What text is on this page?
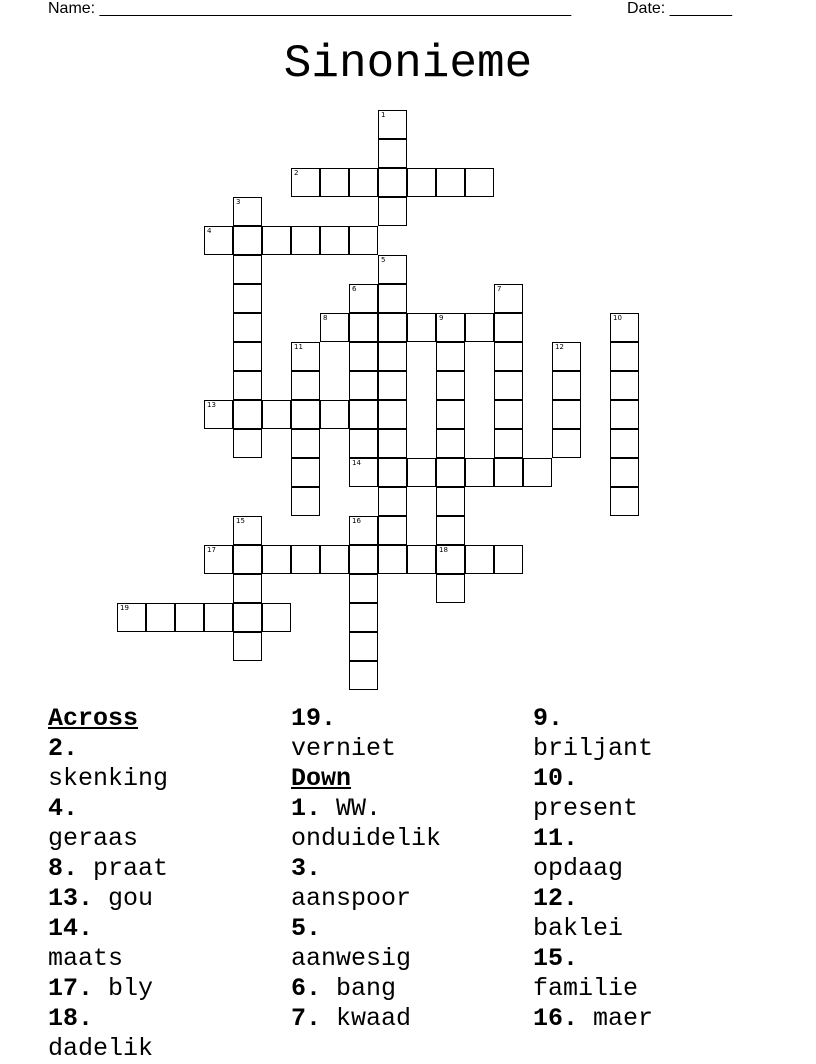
Name: _____________________________________________________	Date: _______
Sinonieme
1
2
3
4
5
6	7
8	9
18
10
11	12
13
14
15	16
17
19
Across
2. skenking
4. geraas
8. praat
13. gou
14. maats
17. bly
18. dadelik
19. verniet
Down
1. WW.
onduidelik
3. aanspoor
5. aanwesig
6. bang
7. kwaad
9. briljant
10. present
11. opdaag
12. baklei
15. familie
16. maer
